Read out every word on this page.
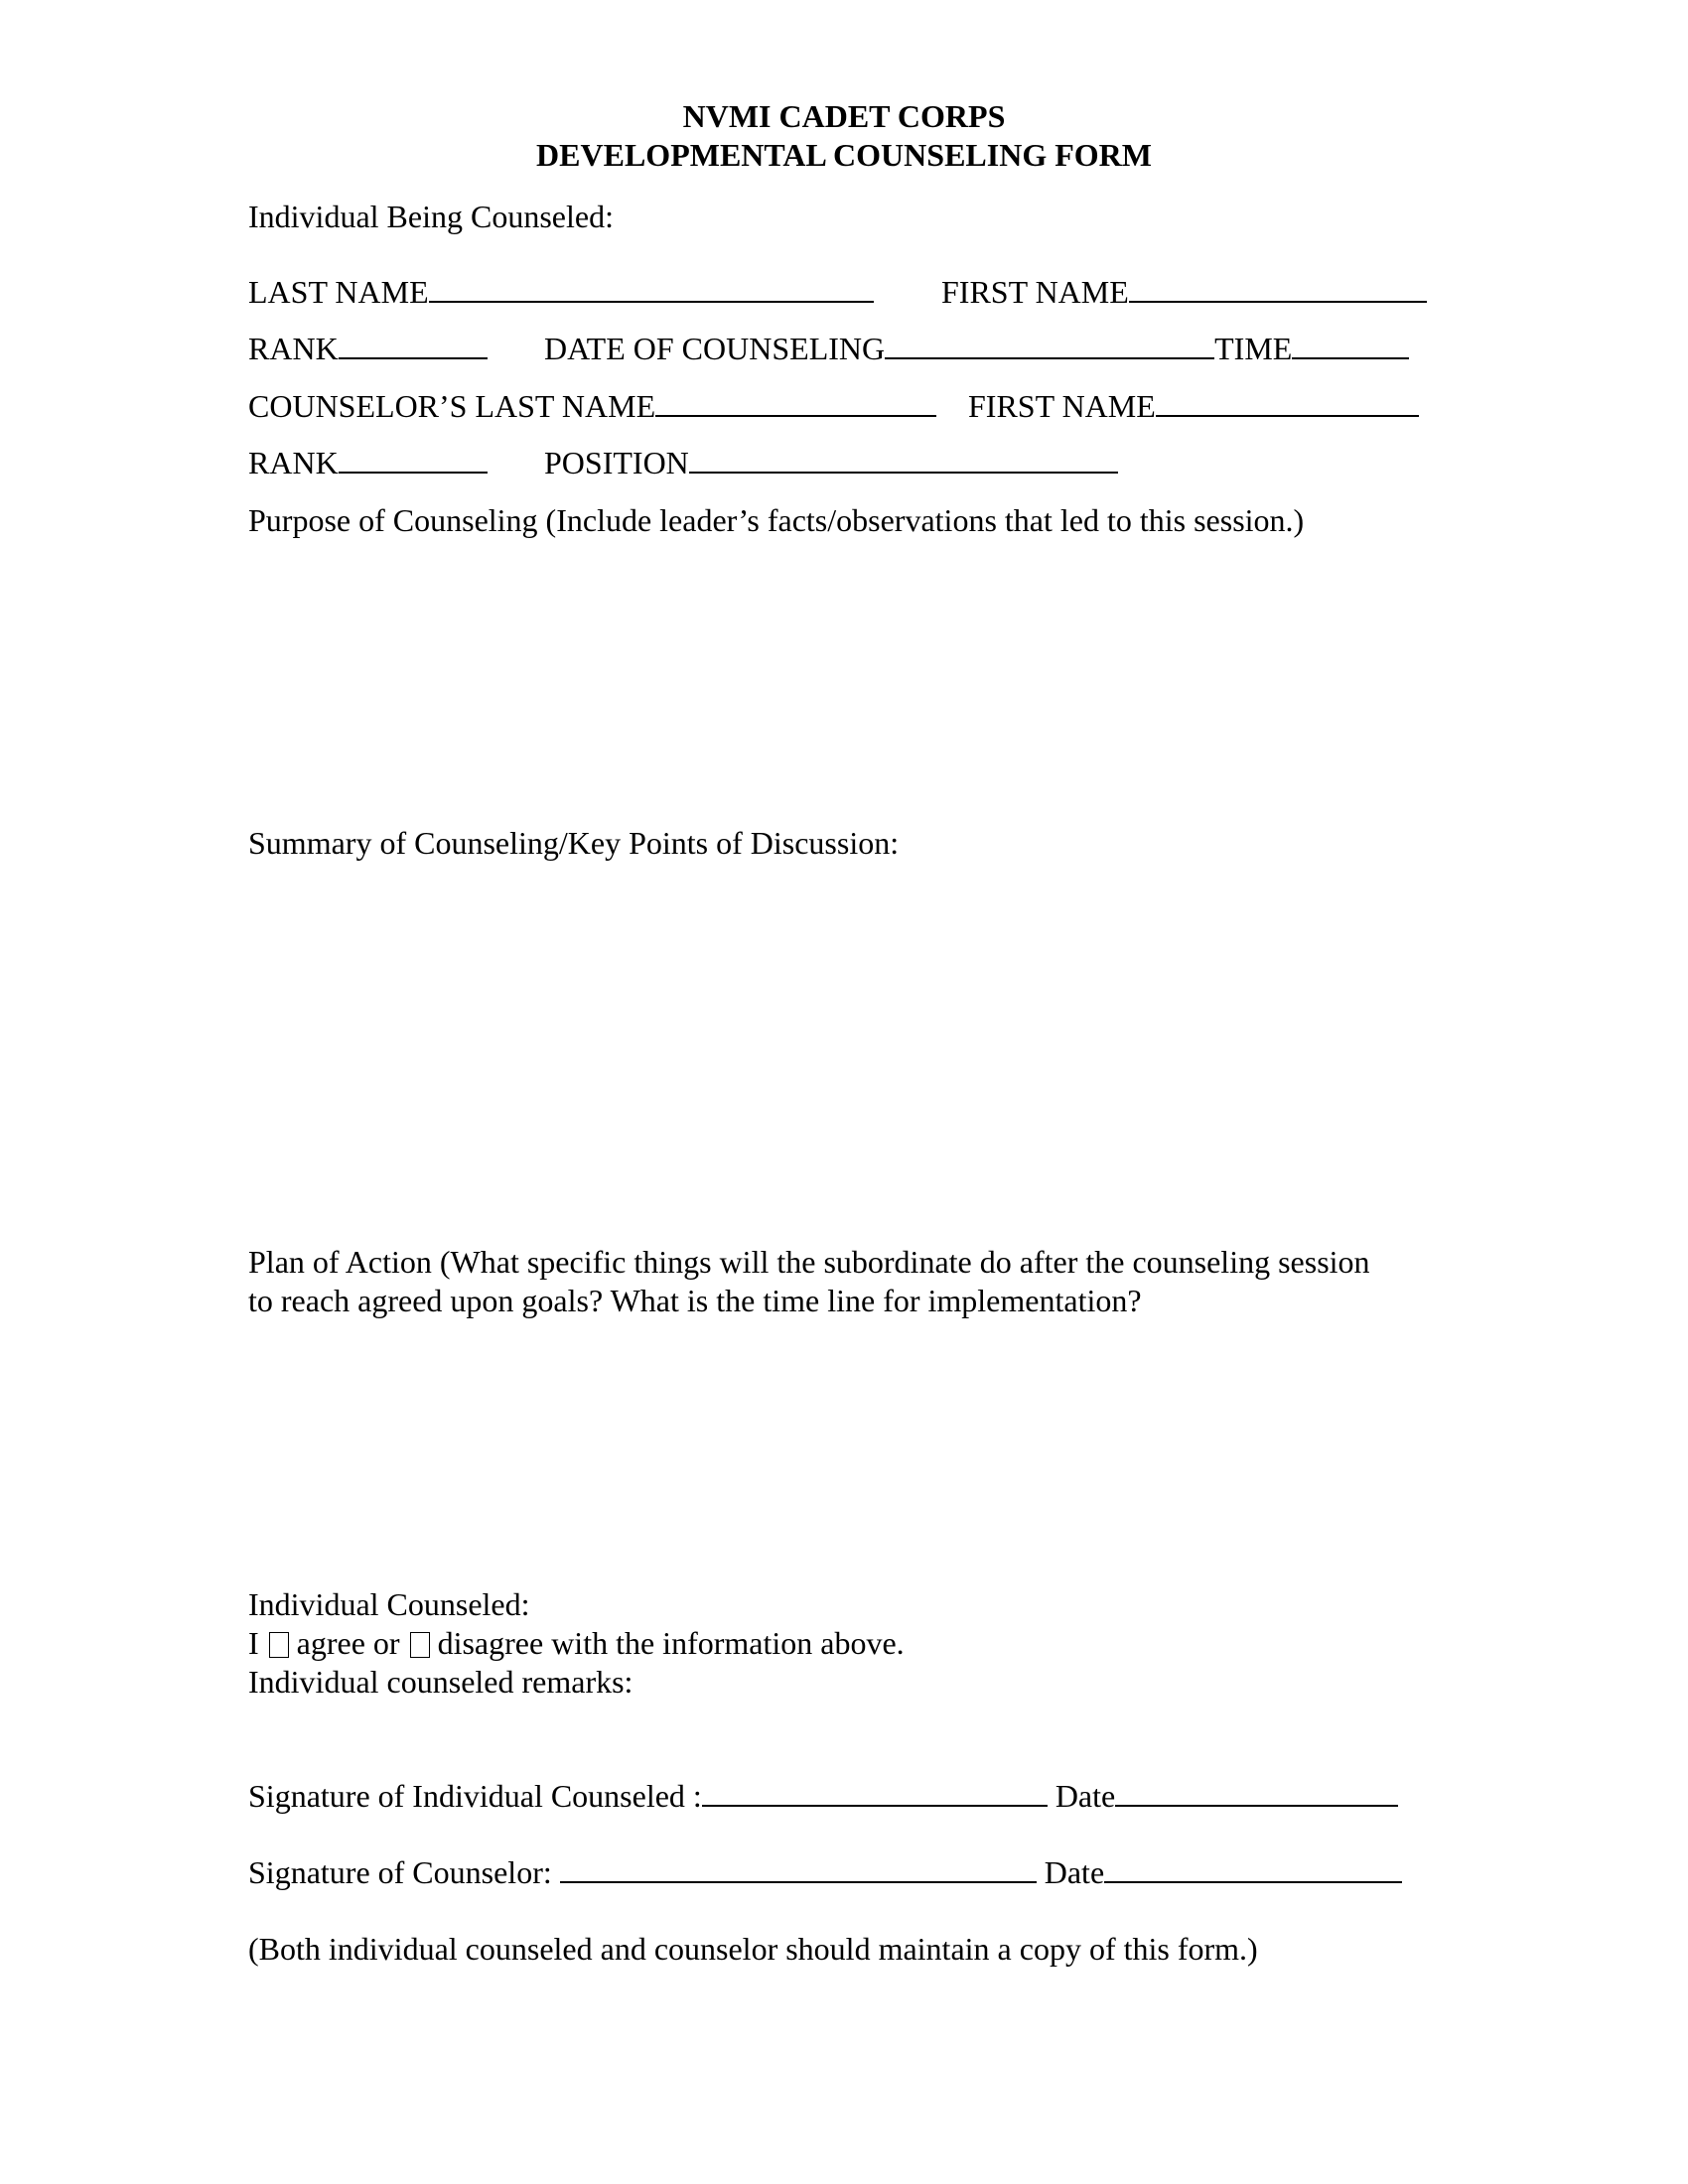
NVMI CADET CORPS
DEVELOPMENTAL COUNSELING FORM
Individual Being Counseled:
LAST NAME	FIRST NAME
RANK	DATE OF COUNSELING	TIME
COUNSELOR’S LAST NAME	FIRST NAME
RANK	POSITION
Purpose of Counseling (Include leader’s facts/observations that led to this session.)
Summary of Counseling/Key Points of Discussion:
Plan of Action (What specific things will the subordinate do after the counseling session
to reach agreed upon goals? What is the time line for implementation?
Individual Counseled:
I agree or disagree with the information above.
Individual counseled remarks:
Signature of Individual Counseled :	Date
Signature of Counselor:	Date
(Both individual counseled and counselor should maintain a copy of this form.)
